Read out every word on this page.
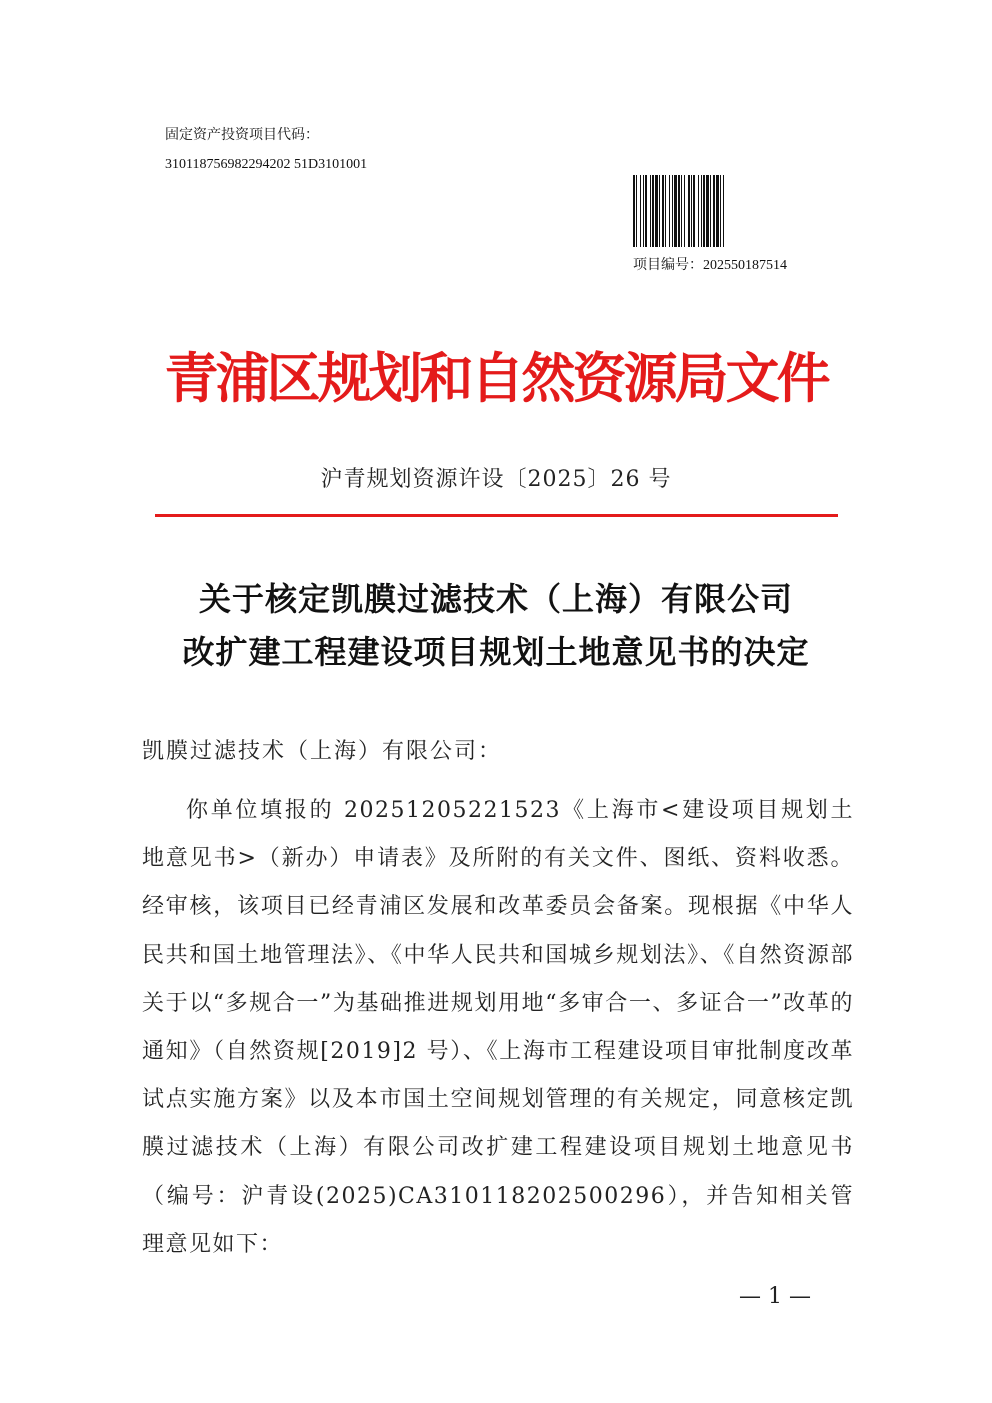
固定资产投资项目代码：
310118756982294202 51D3101001
项目编号：202550187514
青浦区规划和自然资源局文件
沪青规划资源许设〔2025〕26 号
关于核定凯膜过滤技术（上海）有限公司
改扩建工程建设项目规划土地意见书的决定
凯膜过滤技术（上海）有限公司：
你单位填报的 20251205221523《上海市<建设项目规划土地意见书>（新办）申请表》及所附的有关文件、图纸、资料收悉。经审核，该项目已经青浦区发展和改革委员会备案。现根据《中华人民共和国土地管理法》、《中华人民共和国城乡规划法》、《自然资源部关于以“多规合一”为基础推进规划用地“多审合一、多证合一”改革的通知》（自然资规[2019]2 号）、《上海市工程建设项目审批制度改革试点实施方案》以及本市国土空间规划管理的有关规定，同意核定凯膜过滤技术（上海）有限公司改扩建工程建设项目规划土地意见书（编号：沪青设(2025)CA310118202500296），并告知相关管理意见如下：
— 1 —
